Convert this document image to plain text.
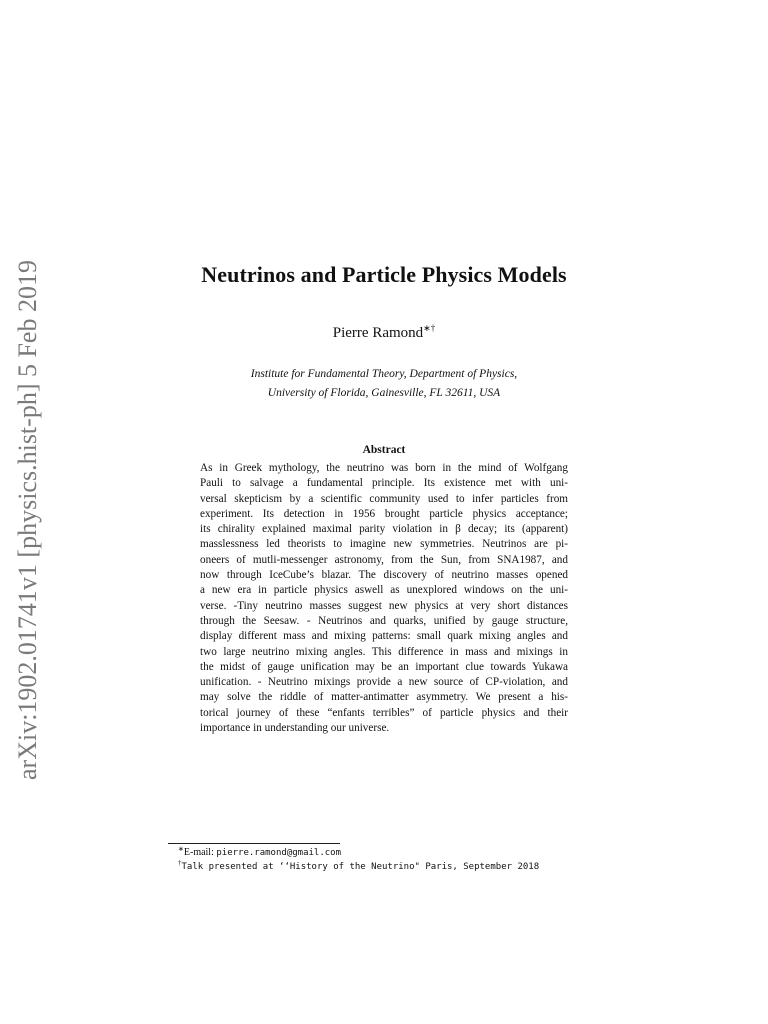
arXiv:1902.01741v1 [physics.hist-ph] 5 Feb 2019	Neutrinos and Particle Physics Models
Pierre Ramond∗†
Institute for Fundamental Theory, Department of Physics,
University of Florida, Gainesville, FL 32611, USA
Abstract
As in Greek mythology, the neutrino was born in the mind of Wolfgang
Pauli to salvage a fundamental principle. Its existence met with uni-
versal skepticism by a scientific community used to infer particles from
experiment. Its detection in 1956 brought particle physics acceptance;
its chirality explained maximal parity violation in β decay; its (apparent)
masslessness led theorists to imagine new symmetries. Neutrinos are pi-
oneers of mutli-messenger astronomy, from the Sun, from SNA1987, and
now through IceCube’s blazar. The discovery of neutrino masses opened
a new era in particle physics aswell as unexplored windows on the uni-
verse. -Tiny neutrino masses suggest new physics at very short distances
through the Seesaw. - Neutrinos and quarks, unified by gauge structure,
display different mass and mixing patterns: small quark mixing angles and
two large neutrino mixing angles. This difference in mass and mixings in
the midst of gauge unification may be an important clue towards Yukawa
unification. - Neutrino mixings provide a new source of CP-violation, and
may solve the riddle of matter-antimatter asymmetry. We present a his-
torical journey of these “enfants terribles” of particle physics and their
importance in understanding our universe.
∗E-mail: pierre.ramond@gmail.com
†Talk presented at ‘‘History of the Neutrino" Paris, September 2018
